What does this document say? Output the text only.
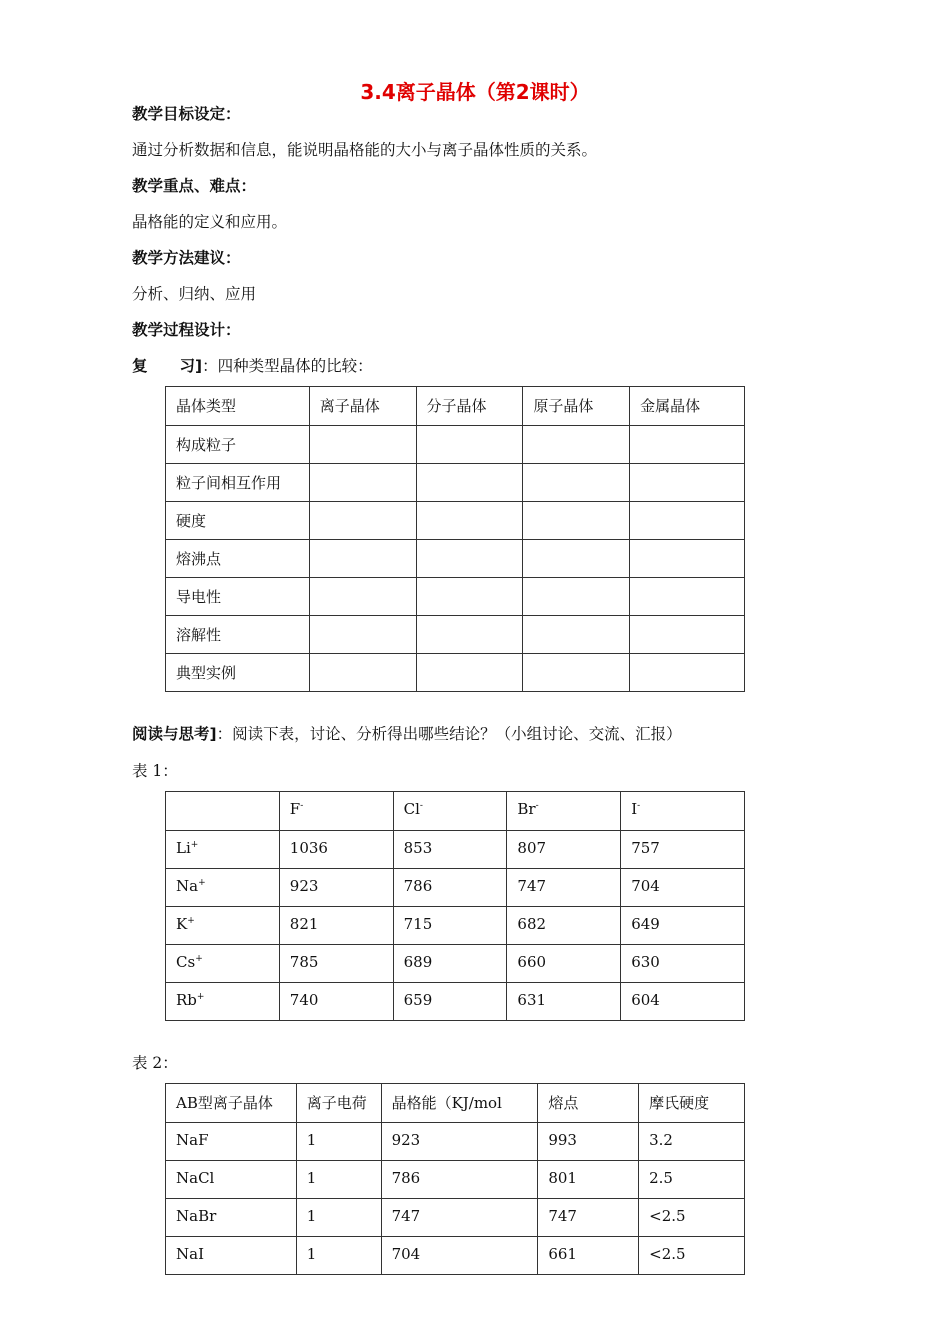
3.4离子晶体（第2课时）
教学目标设定：
通过分析数据和信息，能说明晶格能的大小与离子晶体性质的关系。
教学重点、难点：
晶格能的定义和应用。
教学方法建议：
分析、归纳、应用
教学过程设计：
复 习]：四种类型晶体的比较：
晶体类型	离子晶体	分子晶体	原子晶体	金属晶体
构成粒子				
粒子间相互作用				
硬度				
熔沸点				
导电性				
溶解性				
典型实例				
阅读与思考]：阅读下表，讨论、分析得出哪些结论？（小组讨论、交流、汇报）
表 1：
	F-	Cl-	Br-	I-
Li+	1036	853	807	757
Na+	923	786	747	704
K+	821	715	682	649
Cs+	785	689	660	630
Rb+	740	659	631	604
表 2：
AB型离子晶体	离子电荷	晶格能（KJ/mol	熔点	摩氏硬度
NaF	1	923	993	3.2
NaCl	1	786	801	2.5
NaBr	1	747	747	<2.5
NaI	1	704	661	<2.5
